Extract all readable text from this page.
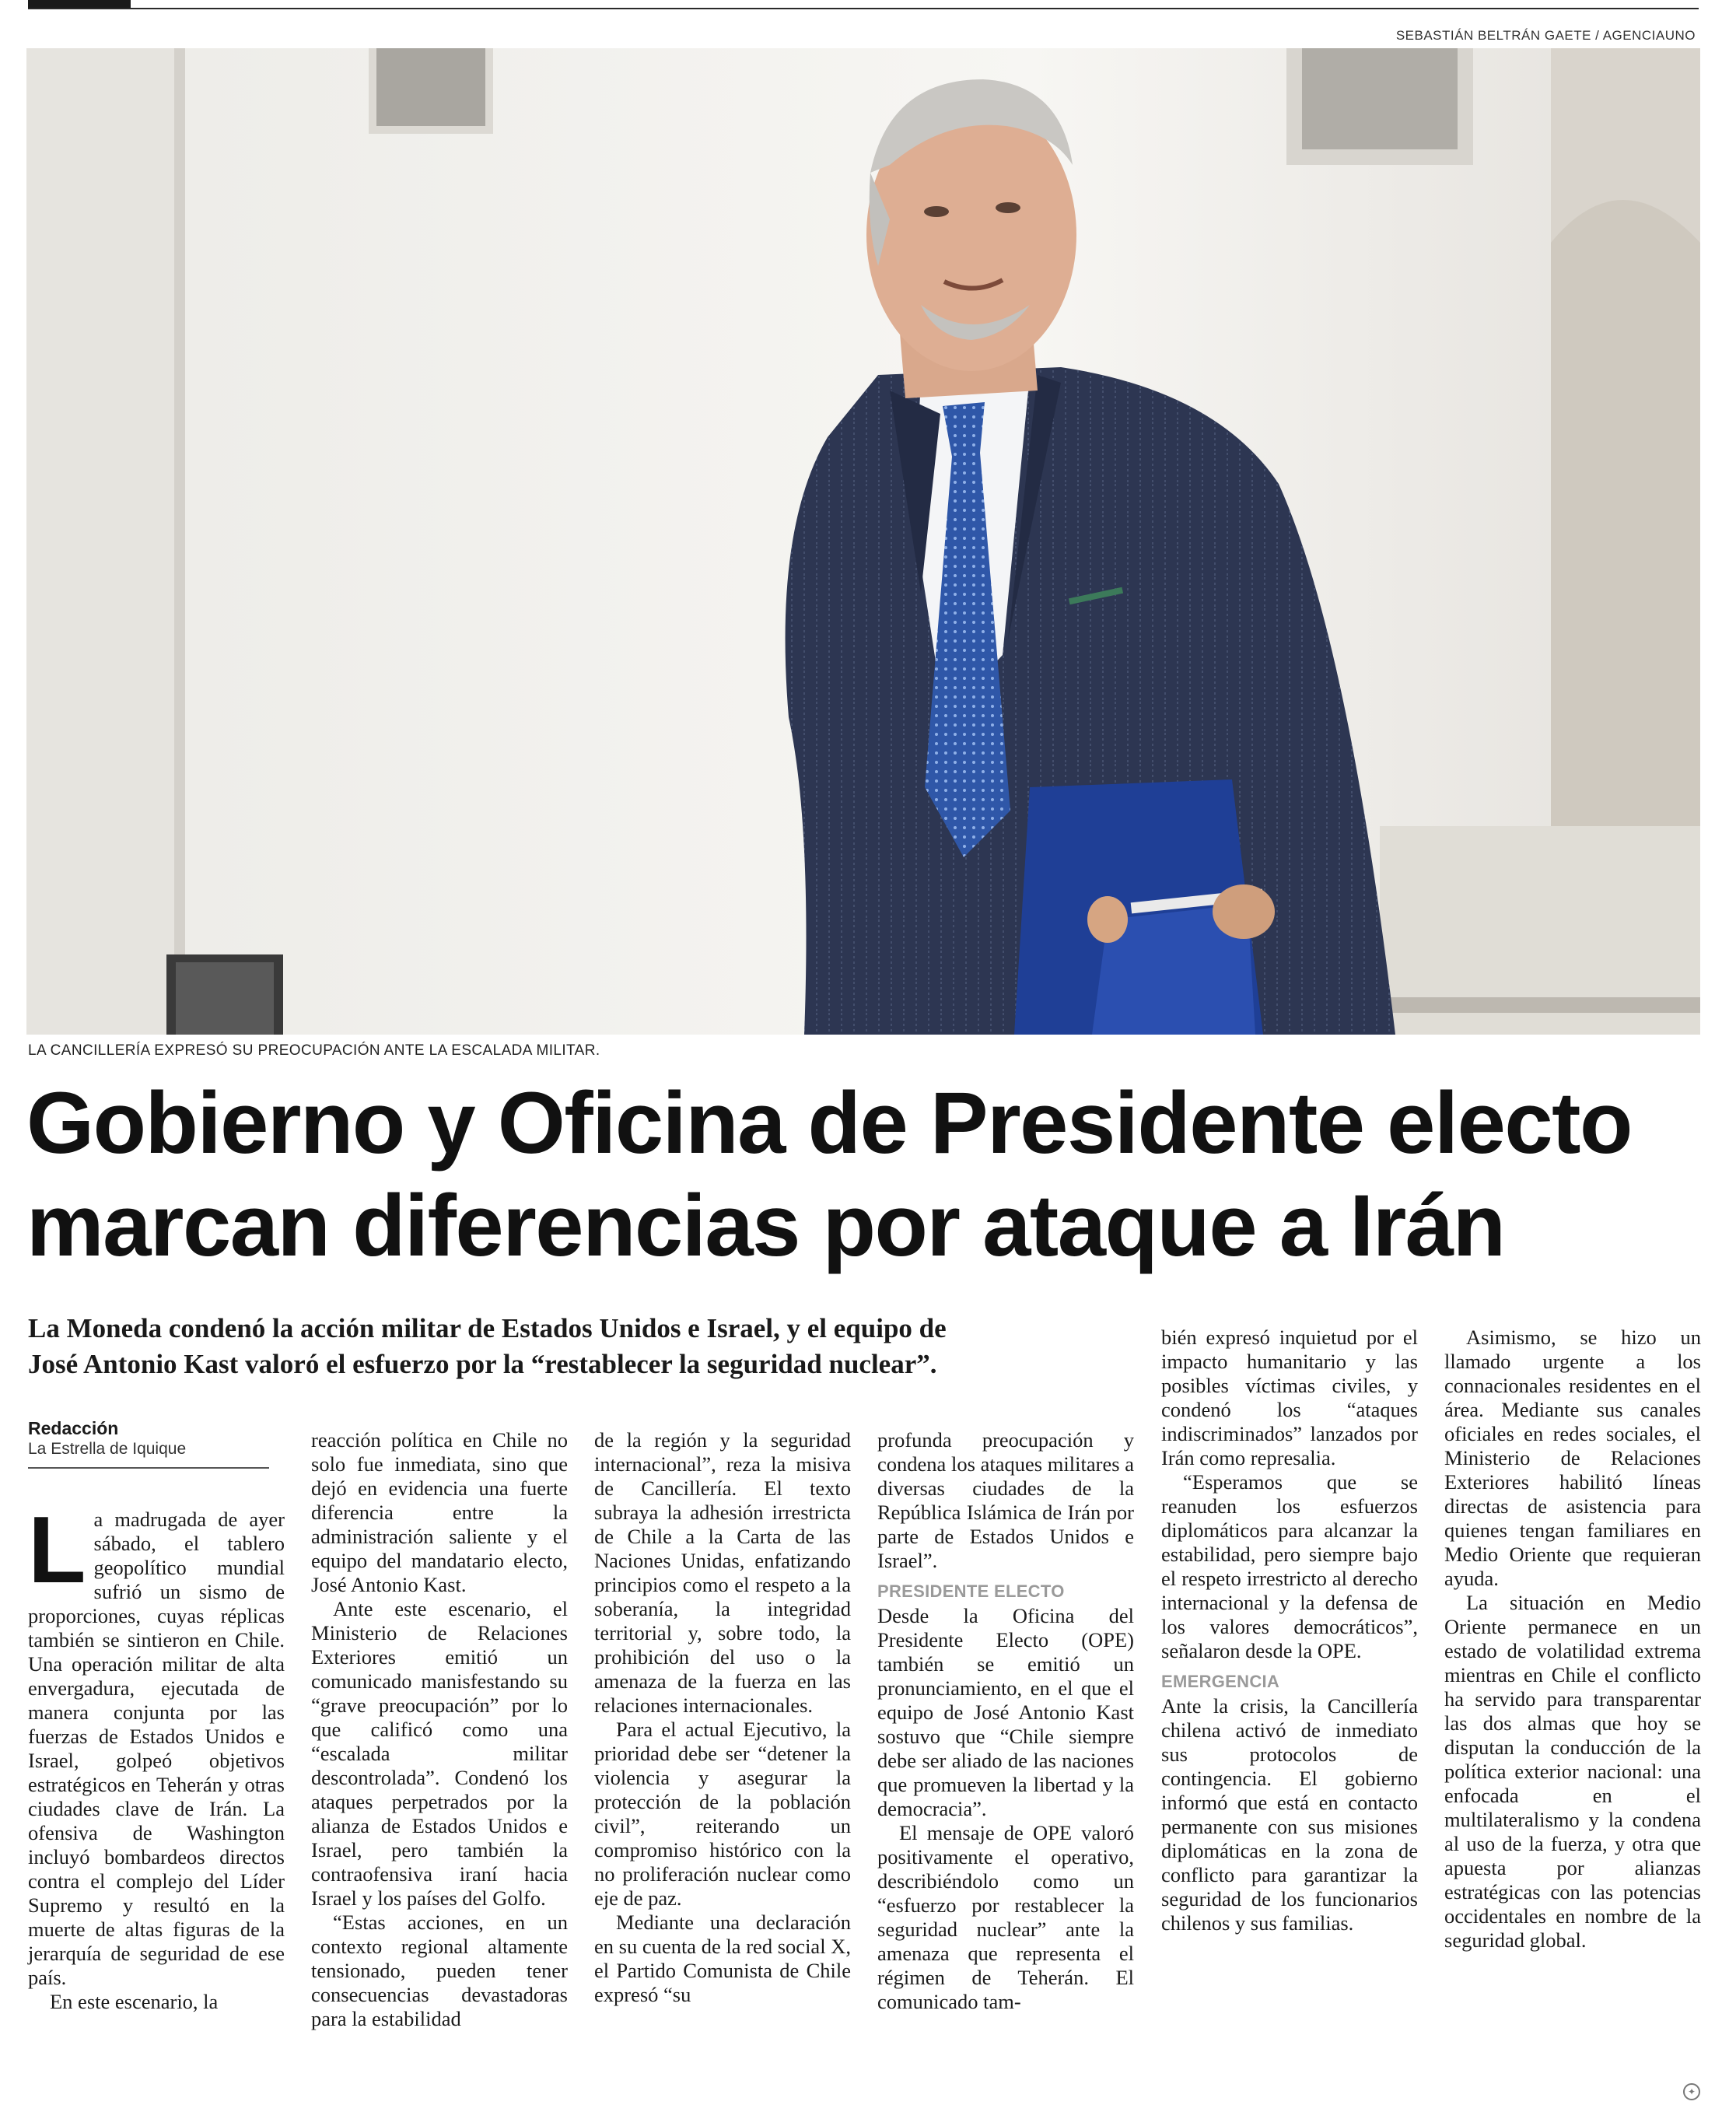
SEBASTIÁN BELTRÁN GAETE / AGENCIAUNO
LA CANCILLERÍA EXPRESÓ SU PREOCUPACIÓN ANTE LA ESCALADA MILITAR.
Gobierno y Oficina de Presidente electo
marcan diferencias por ataque a Irán

La Moneda condenó la acción militar de Estados Unidos e Israel, y el equipo de
José Antonio Kast valoró el esfuerzo por la “restablecer la seguridad nuclear”.

Redacción
La Estrella de Iquique

La madrugada de ayer sábado, el tablero geopolítico mundial sufrió un sismo de proporciones, cuyas réplicas también se sintieron en Chile. Una operación militar de alta envergadura, ejecutada de manera conjunta por las fuerzas de Estados Unidos e Israel, golpeó objetivos estratégicos en Teherán y otras ciudades clave de Irán. La ofensiva de Washington incluyó bombardeos directos contra el complejo del Líder Supremo y resultó en la muerte de altas figuras de la jerarquía de seguridad de ese país.

En este escenario, la

reacción política en Chile no solo fue inmediata, sino que dejó en evidencia una fuerte diferencia entre la administración saliente y el equipo del mandatario electo, José Antonio Kast.

Ante este escenario, el Ministerio de Relaciones Exteriores emitió un comunicado manisfestando su “grave preocupación” por lo que calificó como una “escalada militar descontrolada”. Condenó los ataques perpetrados por la alianza de Estados Unidos e Israel, pero también la contraofensiva iraní hacia Israel y los países del Golfo.

“Estas acciones, en un contexto regional altamente tensionado, pueden tener consecuencias devastadoras para la estabilidad

de la región y la seguridad internacional”, reza la misiva de Cancillería. El texto subraya la adhesión irrestricta de Chile a la Carta de las Naciones Unidas, enfatizando principios como el respeto a la soberanía, la integridad territorial y, sobre todo, la prohibición del uso o la amenaza de la fuerza en las relaciones internacionales.

Para el actual Ejecutivo, la prioridad debe ser “detener la violencia y asegurar la protección de la población civil”, reiterando un compromiso histórico con la no proliferación nuclear como eje de paz.

Mediante una declaración en su cuenta de la red social X, el Partido Comunista de Chile expresó “su

profunda preocupación y condena los ataques militares a diversas ciudades de la República Islámica de Irán por parte de Estados Unidos e Israel”.

PRESIDENTE ELECTO

Desde la Oficina del Presidente Electo (OPE) también se emitió un pronunciamiento, en el que el equipo de José Antonio Kast sostuvo que “Chile siempre debe ser aliado de las naciones que promueven la libertad y la democracia”.

El mensaje de OPE valoró positivamente el operativo, describiéndolo como un “esfuerzo por restablecer la seguridad nuclear” ante la amenaza que representa el régimen de Teherán. El comunicado tam-

bién expresó inquietud por el impacto humanitario y las posibles víctimas civiles, y condenó los “ataques indiscriminados” lanzados por Irán como represalia.

“Esperamos que se reanuden los esfuerzos diplomáticos para alcanzar la estabilidad, pero siempre bajo el respeto irrestricto al derecho internacional y la defensa de los valores democráticos”, señalaron desde la OPE.

EMERGENCIA

Ante la crisis, la Cancillería chilena activó de inmediato sus protocolos de contingencia. El gobierno informó que está en contacto permanente con sus misiones diplomáticas en la zona de conflicto para garantizar la seguridad de los funcionarios chilenos y sus familias.

Asimismo, se hizo un llamado urgente a los connacionales residentes en el área. Mediante sus canales oficiales en redes sociales, el Ministerio de Relaciones Exteriores habilitó líneas directas de asistencia para quienes tengan familiares en Medio Oriente que requieran ayuda.

La situación en Medio Oriente permanece en un estado de volatilidad extrema mientras en Chile el conflicto ha servido para transparentar las dos almas que hoy se disputan la conducción de la política exterior nacional: una enfocada en el multilateralismo y la condena al uso de la fuerza, y otra que apuesta por alianzas estratégicas con las potencias occidentales en nombre de la seguridad global.

✦
